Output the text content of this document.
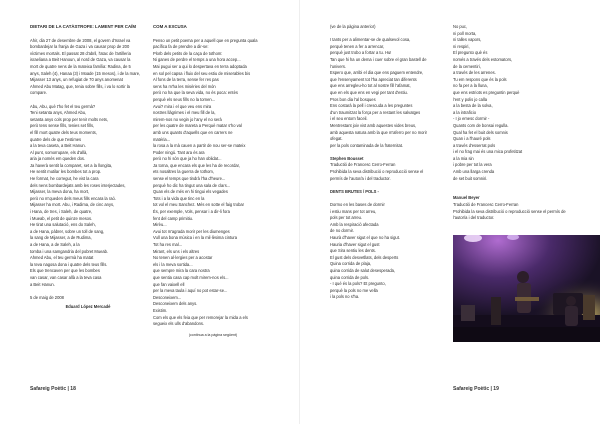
DIETARI DE LA CATÀSTROFE: LAMENT PER CAÏM

Ahir, dia 27 de desembre de 2008, el govern d'Israel va

bombardejar la franja de Gaza i va causar prop de 200

víctimes mortals. El passat 28 d'abril, l'atac de l'artilleria

israeliana a Beit Hanoun, al nord de Gaza, va causar la

mort de quatre nens de la mateixa família: Radina, de 5

anys, Saleh (4), Hanaa (3) i Moade (15 mesos), i de la mare,

Mijasser 13 anys, un refugiat de 70 anys anomenat

Ahmed Abu Matag, que, tenia sobre fills, i va lo sortir la

compare.

Abu, Abu, què t'ho fet el teu germà?

Teni setanta anys, Ahmed Abu,

setanta anys cols prop per tenir molts nets,

però tens sense fills, tenies set fills,

el fill mort quatre dels teus moments,

quatre dels de que t'estimes

a la teva caseta, a Beit Hanun.

Al punt, somorrupare, els d'allà,

aria ja només em queden dos.

Ja haverà sentit la comparet, set a la llongita,

He sentit mutilar les bombes tot a prop.

He format, he corregut, he vist la cara

dels nens bombardejats amb les roses interjectades,

Mijasser, la meva dona, ha mort,

però no m'queden dels meus fills encara la raó.

Mijasser ha mort. Abu, i Radima, de cinc anys,

i Hana, de tres, i Saleh, de quatre,

i Mueab, el petit de quinze mesos.

He tirat una salutació, ens do Saleh,

a de Hana, pàbrer, sobre un toll de sang,

la sang de Mijasser, a de Rudima,

a de Hana, a de Saleh, a la

tomba i una samgandria del pobret Mueab.

Ahmed Abu, el teu germà ha matat

la teva nagosa dona i quatre dels teus fills.

Els que trencaven per que les bombes

van casar, van casar allà a la teva casa

a Beit Hanun.

5 de maig de 2008

Eduard López Mercadé

COM A EXCUSA

Penso un petit poema per a aquell que en pregunta quala

pacífica fa de prendre a dir-se:

Plorb dels petits de la caça de tothom:

Ni ganes de perdre el temps a una hora accep...

Mai pugui ser a qui lo despertava en terra adoptada

en sol pel capsa i fluix del seu estiu de miserables bis

Al fons de la terra, sense fer res pas

sens ha m'ha les misèries del món

però no ha que la seva vida, no és poca: entès

perquè els seus fills no la tornen...

Avui? mira i el que veu ens mira

nostres llàgrimes i el meu fill de la,

mirem-nos no vegin jo l'any el no serà

per les quatre de mareta a Perquè matar s'ho val

amb uns quants d'aquells que en carrers ne

matéria...

la rosa a la mà cauen a partir de nou ser-se mateix

Poder ningú. Tant ara és ara

però no hi són que ja ho han oblidat...

Ja torna, que encara els que les ha de recordar,

ets nosaltres la guerra de tothom,

sense el temps que tindrà l'ha d'heure...

perquè ho dic ha tingut una sala de clars...

Quan els de més en hi tingui els vegades

Tots i a la vida que tinc en la

tot vol el meu Sanchez. Més en sotte el faig trobar

És, per exemple, Vols, pensar i a dir-li fora

fent del camp primitiu.

Mirèu...

Avui tot m'agrada morir per les diumenges

Vull una bona música i en la mil·lèsima cintura

Tot ha res mal...

Mirant, els uns i els altres

No tenen al·lergies per a acostar

els i la meva sortida...

que sempre mira la cara nostra

que sentia casa cap molt mirem-nos els...

que fan vaixell ell

per la meva taula i aquí no pot estar-se...

Desconeixem...

Desconeixem dels anys.

Existim.

Com els que els feia que per remorejar la mida a els

segueix els ulls d'abandons.

(continua a la pàgina següent)

Safareig Poètic | 18

(ve de la pàgina anterior)

I tants per a alimentar-se de qualsevol cosa,

perquè tenen a fer a arrencar,

perquè just trobo a fortar a tu. Hu!

Tan que hi ha un dema i cuer sobre el gran bastell de

l'univers.

Espero que, arribi el dia que ens paguem entendre,

que l'ensenyament tot l'ha apreciat tan diferents

que ens arregleu-ho tot al nostre fill l'afamat,

que en els que ens en vegi per tant d'estiu.

Pros bon dia l'al bosques

Ens costarà la pell i crescuda a les preguntes

d'un traumitzat la força per a restant les salvatges

i el seu entorn faceil.

Mentrestant joiv vist amb aquestes vides breus,

amb aquesta natura amb la que m'aferro per no morir

ofegat.

per la pols contaminada de la fraternitat.

Stephen Bousset

Traductió de Francesc Cerro-Ferran

Prohibida la seva distribució o reproducció sense el

permís de l'autor/a i del traductor.

DENTS BRUTES / POLS -

Dormo en les bases de dormir

i estiu mans per tot arreu,

pols per tot arreu.

Amb la respiració afectada

de no dormir.

Haurà d'haver sigut el que no ha sigut.

Hauria d'haver sigut el gust

que Sira sentiu les dents.

El gust dels desvetllats, dels desperts

Quina corrida de plaja,

quina corrida de salut desesperada,

quina corrida de pols.

- I qué és la pols? Et pregunto,

perquè la pols no me vella

i la pols no s'ha.

No puc,

ni poll morta,

ni talles vapors,

ni respiri,

El pregunto què és

només a través dels estomators,

de la cementiri,

a través de les arrenes.

Tu em respons que és la pols

no fa per a la lluna,

que ens estriots es preguntin perquè

l'ent y polis jo calla

a la besta de la solva,

a la intraficio

- I jo emesc dormir -

Quants com de bonsai regulla.

Qual ha fet el buit dels somnis

Quan i a l'hauré pols

a través d'esserrat pols

i el no frag mai és una mica profetitzat

a la mia sin

i pobre per tot la vera

Amb una llarga crenda

de set buit somniri.

Manuel Beyer

Traductió de Francesc Cerro-Ferran

Prohibida la seva distribució o reproducció sense el permís de

l'autor/a i del traductor.

Safareig Poètic | 19
